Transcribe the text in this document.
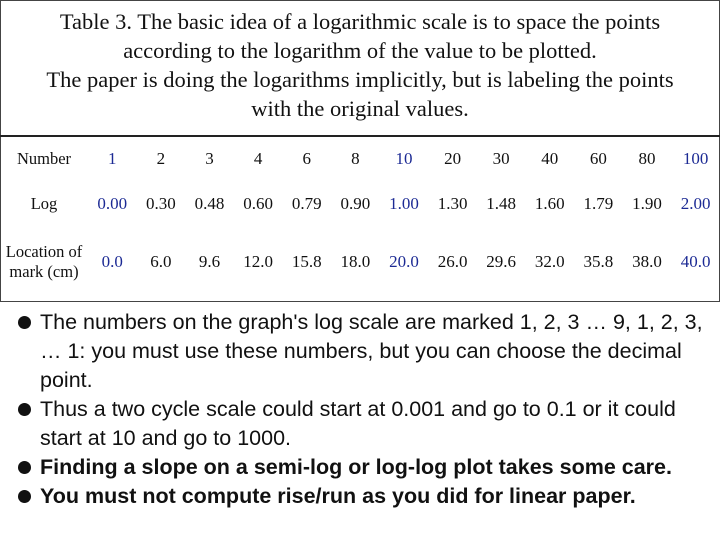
Table 3. The basic idea of a logarithmic scale is to space the points
according to the logarithm of the value to be plotted.
The paper is doing the logarithms implicitly, but is labeling the points
with the original values.
Number	1	2	3	4	6	8	10	20	30	40	60	80	100
Log	0.00	0.30	0.48	0.60	0.79	0.90	1.00	1.30	1.48	1.60	1.79	1.90	2.00
Location of mark (cm)	0.0	6.0	9.6	12.0	15.8	18.0	20.0	26.0	29.6	32.0	35.8	38.0	40.0
The numbers on the graph's log scale are marked 1, 2, 3 … 9, 1, 2, 3, … 1: you must use these numbers, but you can choose the decimal point.
Thus a two cycle scale could start at 0.001 and go to 0.1 or it could start at 10 and go to 1000.
Finding a slope on a semi-log or log-log plot takes some care.
You must not compute rise/run as you did for linear paper.
